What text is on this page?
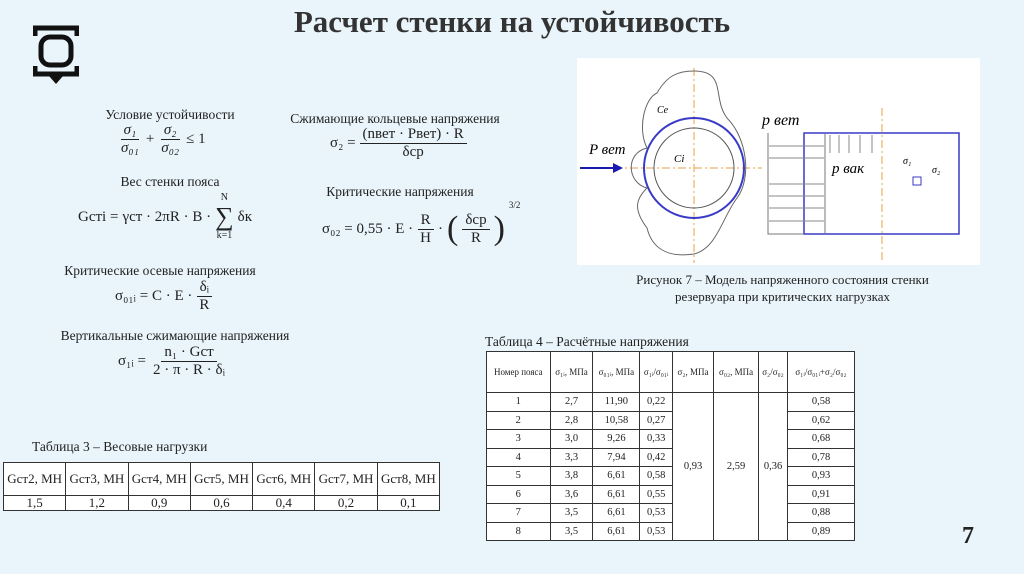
Расчет стенки на устойчивость
Условие устойчивости
$\frac{\text{σ₁}}{\text{σ₀₁}} + \frac{\text{σ₂}}{\text{σ₀₂}} \le 1$
Вес стенки пояса
Gсті = γст · 2πR · B ·
N
∑
k=1
δк
Критические осевые напряжения
σ₀₁ᵢ = $C \cdot E \cdot \frac{\text{δᵢ}}{R}$
Вертикальные сжимающие напряжения
σ₁ᵢ =
n₁ · Gст
2 · π · R · δᵢ
Сжимающие кольцевые напряжения
σ₂ =
(nвет · Pвет) · R
δср
Критические напряжения
$\sigma_{02} = 0,55 \cdot E \cdot \frac{R}{H}$ · ( δср
R )
3/2
Cе
Ci
P вет
p вет
p вак	σ₁
σ₂
Рисунок 7 – Модель напряженного состояния стенки резервуара при критических нагрузках
Таблица 4 – Расчётные напряжения
Номер пояса	σ₁ᵢ, МПа	σ₀₁ᵢ, МПа	σ₁ᵢ/σ₀₁ᵢ	σ₂, МПа	σ₀₂, МПа	σ₂/σ₀₂	σ₁ᵢ/σ₀₁ᵢ+σ₂/σ₀₂
1	2,7	11,90	0,22	0,93	2,59	0,36	0,58
2	2,8	10,58	0,27				0,62
3	3,0	9,26	0,33				0,68
4	3,3	7,94	0,42				0,78
5	3,8	6,61	0,58				0,93
6	3,6	6,61	0,55				0,91
7	3,5	6,61	0,53				0,88
8	3,5	6,61	0,53				0,89
Таблица 3 – Весовые нагрузки
Gст2, МН	Gст3, МН	Gст4, МН	Gст5, МН	Gст6, МН	Gст7, МН	Gст8, МН
1,5	1,2	0,9	0,6	0,4	0,2	0,1
7
